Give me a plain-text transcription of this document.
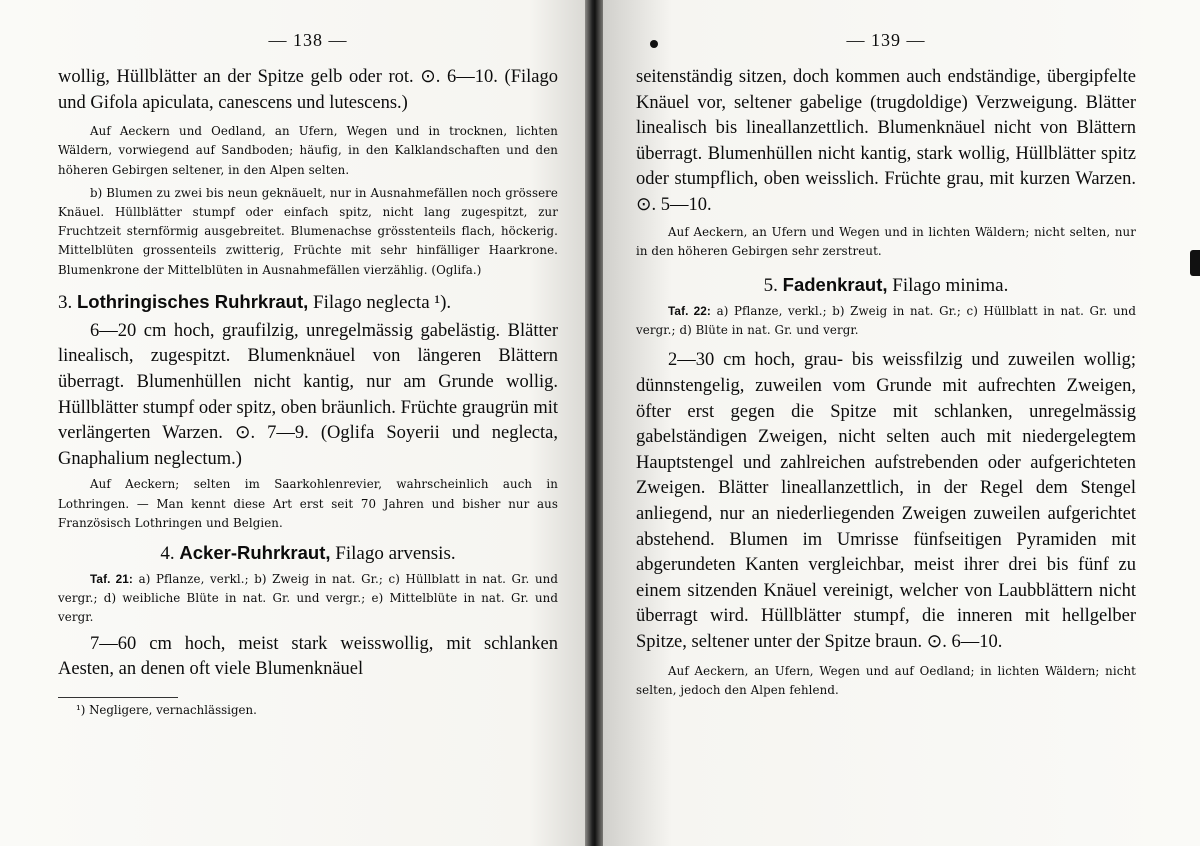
— 138 —

wollig, Hüllblätter an der Spitze gelb oder rot. ⊙. 6—10. (Filago und Gifola apiculata, canescens und lutescens.)

Auf Aeckern und Oedland, an Ufern, Wegen und in trocknen, lichten Wäldern, vorwiegend auf Sandboden; häufig, in den Kalklandschaften und den höheren Gebirgen seltener, in den Alpen selten.

b) Blumen zu zwei bis neun geknäuelt, nur in Ausnahmefällen noch grössere Knäuel. Hüllblätter stumpf oder einfach spitz, nicht lang zugespitzt, zur Fruchtzeit sternförmig ausgebreitet. Blumenachse grösstenteils flach, höckerig. Mittelblüten grossenteils zwitterig, Früchte mit sehr hinfälliger Haarkrone. Blumenkrone der Mittelblüten in Ausnahmefällen vierzählig. (Oglifa.)

3. Lothringisches Ruhrkraut, Filago neglecta ¹).

6—20 cm hoch, graufilzig, unregelmässig gabelästig. Blätter linealisch, zugespitzt. Blumenknäuel von längeren Blättern überragt. Blumenhüllen nicht kantig, nur am Grunde wollig. Hüllblätter stumpf oder spitz, oben bräunlich. Früchte graugrün mit verlängerten Warzen. ⊙. 7—9. (Oglifa Soyerii und neglecta, Gnaphalium neglectum.)

Auf Aeckern; selten im Saarkohlenrevier, wahrscheinlich auch in Lothringen. — Man kennt diese Art erst seit 70 Jahren und bisher nur aus Französisch Lothringen und Belgien.

4. Acker-Ruhrkraut, Filago arvensis.

Taf. 21: a) Pflanze, verkl.; b) Zweig in nat. Gr.; c) Hüllblatt in nat. Gr. und vergr.; d) weibliche Blüte in nat. Gr. und vergr.; e) Mittelblüte in nat. Gr. und vergr.

7—60 cm hoch, meist stark weisswollig, mit schlanken Aesten, an denen oft viele Blumenknäuel

¹) Negligere, vernachlässigen.
— 139 —

seitenständig sitzen, doch kommen auch endständige, übergipfelte Knäuel vor, seltener gabelige (trugdoldige) Verzweigung. Blätter linealisch bis lineallanzettlich. Blumenknäuel nicht von Blättern überragt. Blumenhüllen nicht kantig, stark wollig, Hüllblätter spitz oder stumpflich, oben weisslich. Früchte grau, mit kurzen Warzen. ⊙. 5—10.

Auf Aeckern, an Ufern und Wegen und in lichten Wäldern; nicht selten, nur in den höheren Gebirgen sehr zerstreut.

5. Fadenkraut, Filago minima.

Taf. 22: a) Pflanze, verkl.; b) Zweig in nat. Gr.; c) Hüllblatt in nat. Gr. und vergr.; d) Blüte in nat. Gr. und vergr.

2—30 cm hoch, grau- bis weissfilzig und zuweilen wollig; dünnstengelig, zuweilen vom Grunde mit aufrechten Zweigen, öfter erst gegen die Spitze mit schlanken, unregelmässig gabelständigen Zweigen, nicht selten auch mit niedergelegtem Hauptstengel und zahlreichen aufstrebenden oder aufgerichteten Zweigen. Blätter lineallanzettlich, in der Regel dem Stengel anliegend, nur an niederliegenden Zweigen zuweilen aufgerichtet abstehend. Blumen im Umrisse fünfseitigen Pyramiden mit abgerundeten Kanten vergleichbar, meist ihrer drei bis fünf zu einem sitzenden Knäuel vereinigt, welcher von Laubblättern nicht überragt wird. Hüllblätter stumpf, die inneren mit hellgelber Spitze, seltener unter der Spitze braun. ⊙. 6—10.

Auf Aeckern, an Ufern, Wegen und auf Oedland; in lichten Wäldern; nicht selten, jedoch den Alpen fehlend.
